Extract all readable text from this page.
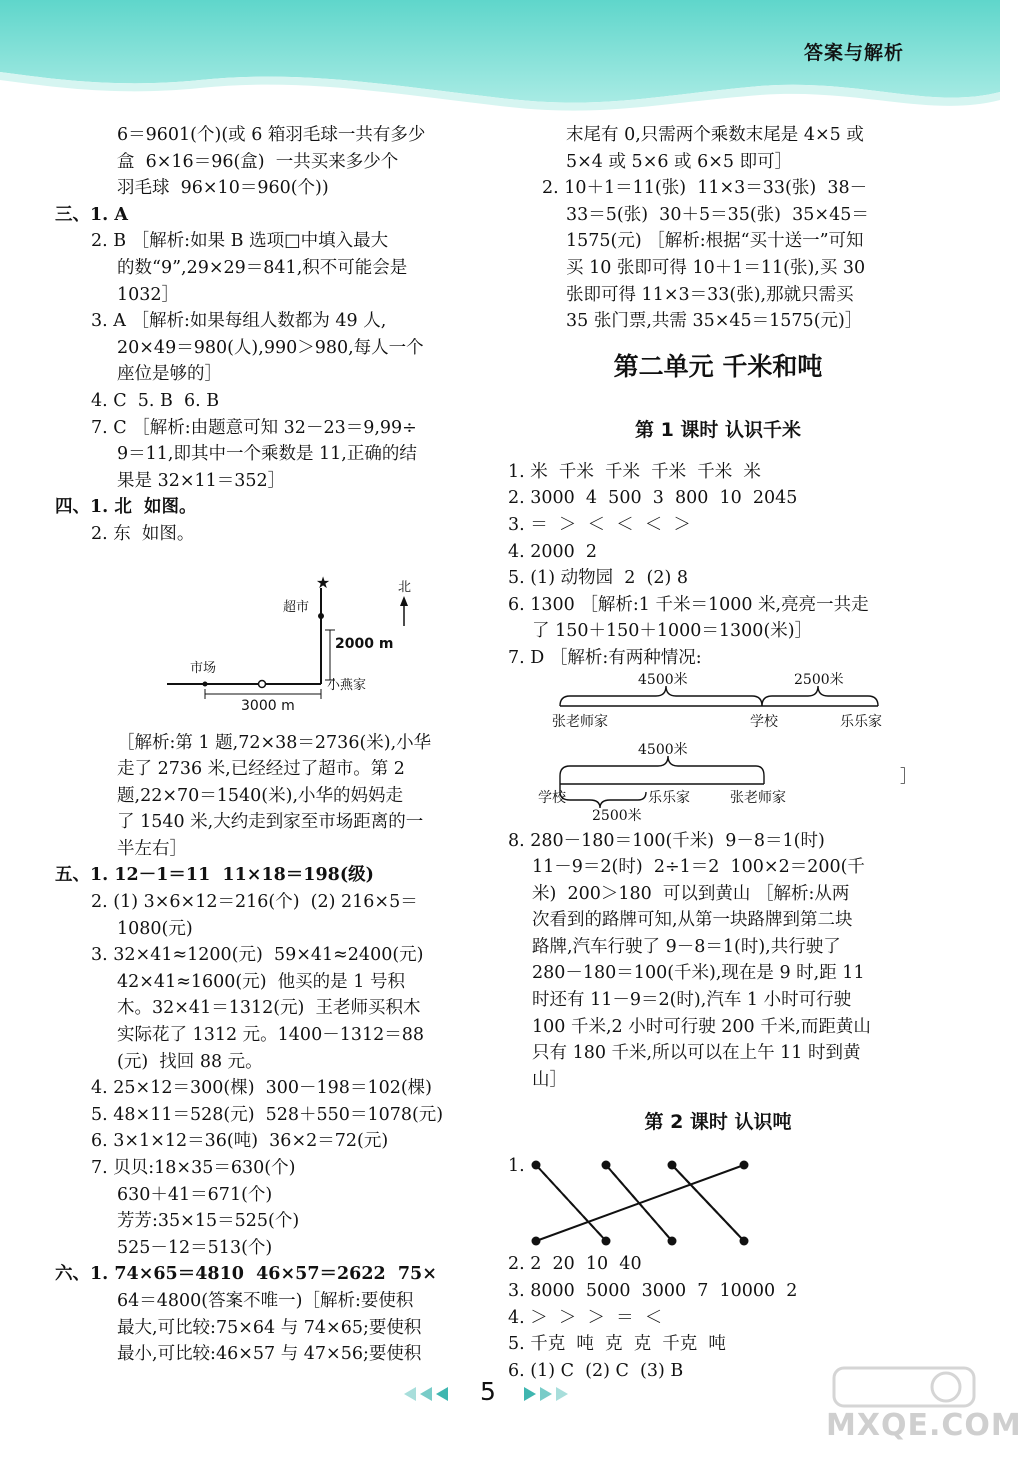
答案与解析
6＝9601(个)(或 6 箱羽毛球一共有多少
盒  6×16＝96(盒)  一共买来多少个
羽毛球  96×10＝960(个))
三、1. A
2. B ［解析:如果 B 选项□中填入最大
的数“9”,29×29＝841,积不可能会是
1032］
3. A ［解析:如果每组人数都为 49 人,
20×49＝980(人),990＞980,每人一个
座位是够的］
4. C  5. B  6. B
7. C ［解析:由题意可知 32－23＝9,99÷
9＝11,即其中一个乘数是 11,正确的结
果是 32×11＝352］
四、1. 北  如图。
2. 东  如图。
★
超市
北
2000 m
市场
小燕家
3000 m
［解析:第 1 题,72×38＝2736(米),小华
走了 2736 米,已经经过了超市。第 2
题,22×70＝1540(米),小华的妈妈走
了 1540 米,大约走到家至市场距离的一
半左右］
五、1. 12－1＝11  11×18＝198(级)
2. (1) 3×6×12＝216(个)  (2) 216×5＝
1080(元)
3. 32×41≈1200(元)  59×41≈2400(元)
42×41≈1600(元)  他买的是 1 号积
木。32×41＝1312(元)  王老师买积木
实际花了 1312 元。1400－1312＝88
(元)  找回 88 元。
4. 25×12＝300(棵)  300－198＝102(棵)
5. 48×11＝528(元)  528＋550＝1078(元)
6. 3×1×12＝36(吨)  36×2＝72(元)
7. 贝贝:18×35＝630(个)
630＋41＝671(个)
芳芳:35×15＝525(个)
525－12＝513(个)
六、1. 74×65＝4810  46×57＝2622  75×
64＝4800(答案不唯一)［解析:要使积
最大,可比较:75×64 与 74×65;要使积
最小,可比较:46×57 与 47×56;要使积
末尾有 0,只需两个乘数末尾是 4×5 或
5×4 或 5×6 或 6×5 即可］
2. 10＋1＝11(张)  11×3＝33(张)  38－
33＝5(张)  30＋5＝35(张)  35×45＝
1575(元) ［解析:根据“买十送一”可知
买 10 张即可得 10＋1＝11(张),买 30
张即可得 11×3＝33(张),那就只需买
35 张门票,共需 35×45＝1575(元)］
第二单元 千米和吨
第 1 课时 认识千米
1. 米  千米  千米  千米  千米  米
2. 3000  4  500  3  800  10  2045
3. ＝  ＞  ＜  ＜  ＜  ＞
4. 2000  2
5. (1) 动物园  2  (2) 8
6. 1300 ［解析:1 千米＝1000 米,亮亮一共走
了 150＋150＋1000＝1300(米)］
7. D ［解析:有两种情况:
4500米	2500米
张老师家	学校	乐乐家
4500米
学校
2500米
乐乐家	张老师家
］
8. 280－180＝100(千米)  9－8＝1(时)
11－9＝2(时)  2÷1＝2  100×2＝200(千
米)  200＞180  可以到黄山 ［解析:从两
次看到的路牌可知,从第一块路牌到第二块
路牌,汽车行驶了 9－8＝1(时),共行驶了
280－180＝100(千米),现在是 9 时,距 11
时还有 11－9＝2(时),汽车 1 小时可行驶
100 千米,2 小时可行驶 200 千米,而距黄山
只有 180 千米,所以可以在上午 11 时到黄
山］
第 2 课时 认识吨
1.
2. 2  20  10  40
3. 8000  5000  3000  7  10000  2
4. ＞  ＞  ＞  ＝  ＜
5. 千克  吨  克  克  千克  吨
6. (1) C  (2) C  (3) B
5
MXQE.COM
